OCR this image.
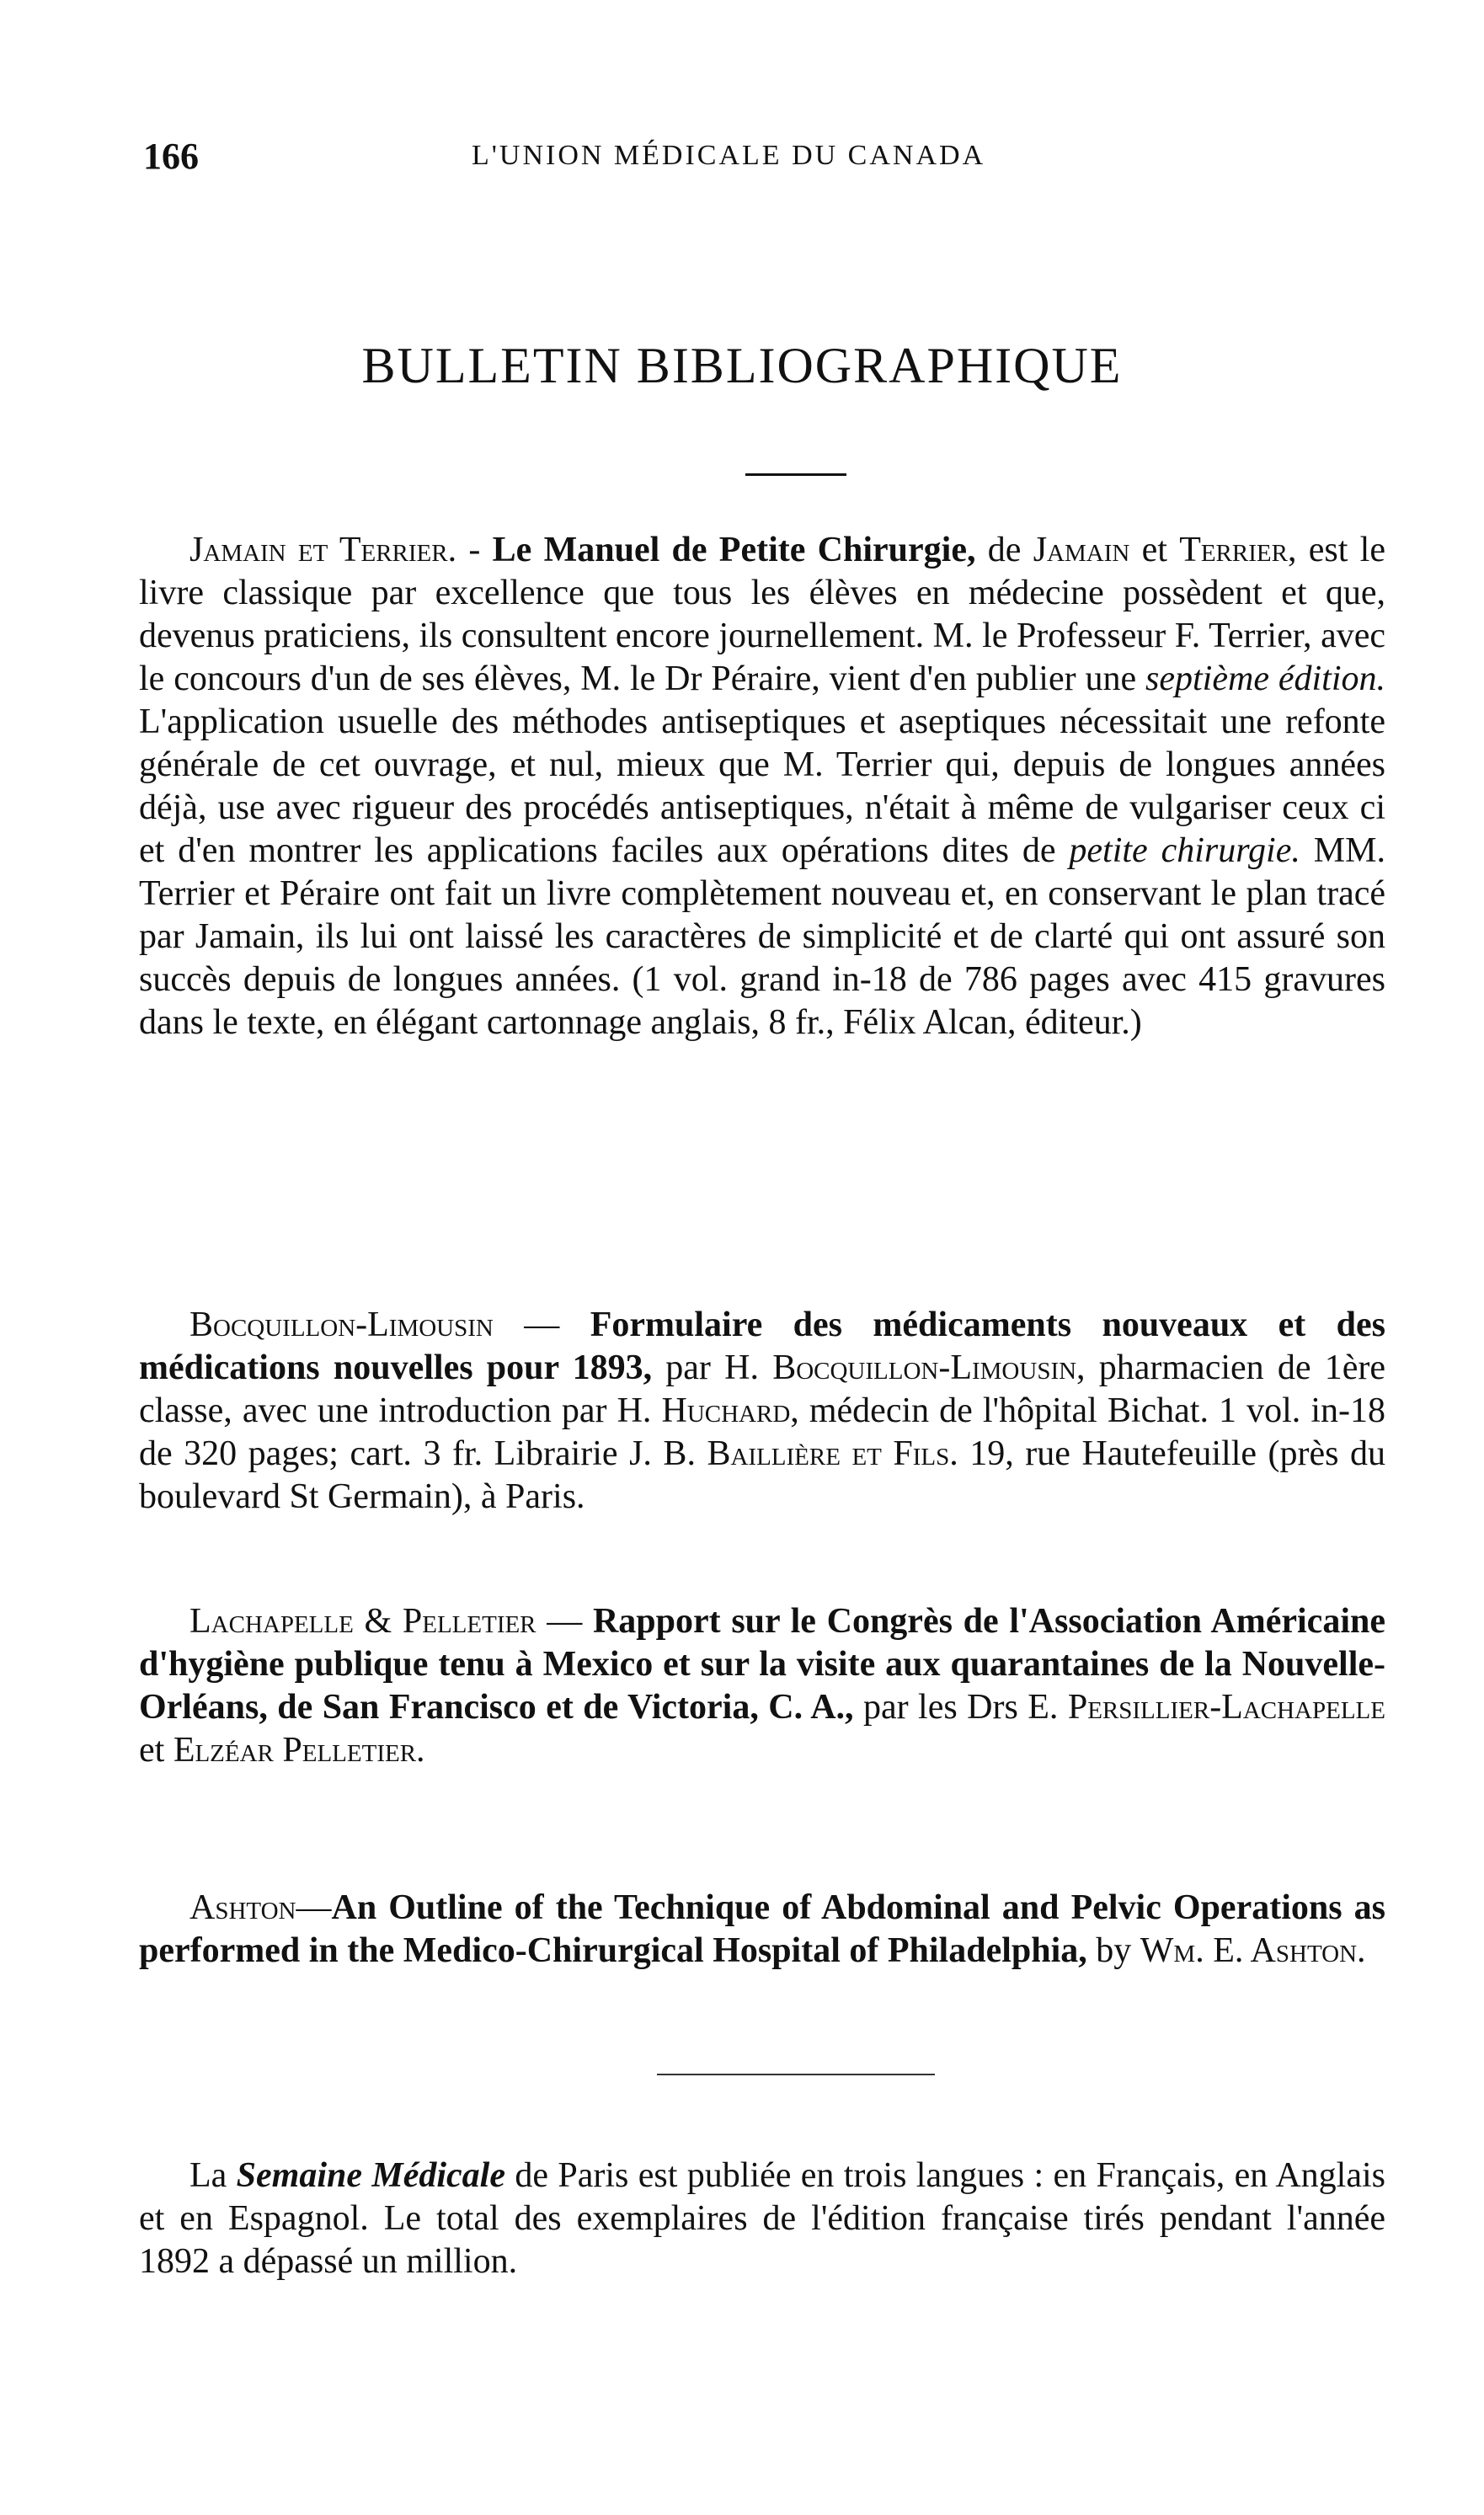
166	L'UNION MÉDICALE DU CANADA
BULLETIN BIBLIOGRAPHIQUE

Jamain et Terrier. - Le Manuel de Petite Chirurgie, de Jamain et Terrier, est le livre classique par excellence que tous les élèves en médecine possèdent et que, devenus praticiens, ils consultent encore journellement. M. le Professeur F. Terrier, avec le concours d'un de ses élèves, M. le Dr Péraire, vient d'en publier une septième édition. L'application usuelle des méthodes antiseptiques et aseptiques nécessitait une refonte générale de cet ouvrage, et nul, mieux que M. Terrier qui, depuis de longues années déjà, use avec rigueur des procédés antiseptiques, n'était à même de vulgariser ceux ci et d'en montrer les applications faciles aux opérations dites de petite chirurgie. MM. Terrier et Péraire ont fait un livre complètement nouveau et, en conservant le plan tracé par Jamain, ils lui ont laissé les caractères de simplicité et de clarté qui ont assuré son succès depuis de longues années. (1 vol. grand in-18 de 786 pages avec 415 gravures dans le texte, en élégant cartonnage anglais, 8 fr., Félix Alcan, éditeur.)

Bocquillon-Limousin — Formulaire des médicaments nouveaux et des médications nouvelles pour 1893, par H. Bocquillon-Limousin, pharmacien de 1ère classe, avec une introduction par H. Huchard, médecin de l'hôpital Bichat. 1 vol. in-18 de 320 pages; cart. 3 fr. Librairie J. B. Baillière et Fils. 19, rue Hautefeuille (près du boulevard St Germain), à Paris.

Lachapelle & Pelletier — Rapport sur le Congrès de l'Association Américaine d'hygiène publique tenu à Mexico et sur la visite aux quarantaines de la Nouvelle-Orléans, de San Francisco et de Victoria, C. A., par les Drs E. Persillier-Lachapelle et Elzéar Pelletier.

Ashton—An Outline of the Technique of Abdominal and Pelvic Operations as performed in the Medico-Chirurgical Hospital of Philadelphia, by Wm. E. Ashton.

La Semaine Médicale de Paris est publiée en trois langues : en Français, en Anglais et en Espagnol. Le total des exemplaires de l'édition française tirés pendant l'année 1892 a dépassé un million.
